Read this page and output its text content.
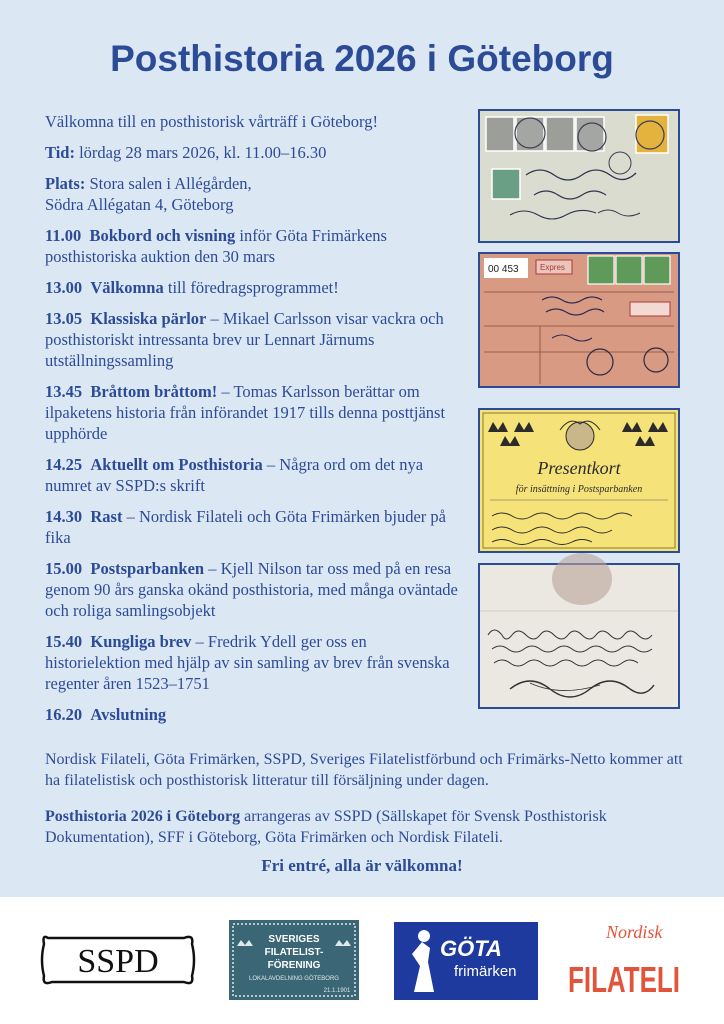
Posthistoria 2026 i Göteborg

Välkomna till en posthistorisk vårträff i Göteborg!

Tid: lördag 28 mars 2026, kl. 11.00–16.30

Plats: Stora salen i Allégården,
Södra Allégatan 4, Göteborg

11.00 Bokbord och visning inför Göta Frimärkens posthistoriska auktion den 30 mars

13.00 Välkomna till föredragsprogrammet!

13.05 Klassiska pärlor – Mikael Carlsson visar vackra och posthistoriskt intressanta brev ur Lennart Järnums utställningssamling

13.45 Bråttom bråttom! – Tomas Karlsson berättar om ilpaketens historia från införandet 1917 tills denna posttjänst upphörde

14.25 Aktuellt om Posthistoria – Några ord om det nya numret av SSPD:s skrift

14.30 Rast – Nordisk Filateli och Göta Frimärken bjuder på fika

15.00 Postsparbanken – Kjell Nilson tar oss med på en resa genom 90 års ganska okänd posthistoria, med många oväntade och roliga samlingsobjekt

15.40 Kungliga brev – Fredrik Ydell ger oss en historielektion med hjälp av sin samling av brev från svenska regenter åren 1523–1751

16.20 Avslutning

00 453	Expres
Presentkort
för insättning i Postsparbanken

Nordisk Filateli, Göta Frimärken, SSPD, Sveriges Filatelistförbund och Frimärks-Netto kommer att ha filatelistisk och posthistorisk litteratur till försäljning under dagen.

Posthistoria 2026 i Göteborg arrangeras av SSPD (Sällskapet för Svensk Posthistorisk Dokumentation), SFF i Göteborg, Göta Frimärken och Nordisk Filateli.

Fri entré, alla är välkomna!

SSPD
SVERIGES
FILATELIST-
FÖRENING
LOKALAVDELNING GÖTEBORG
21.1.1901
GÖTA
frimärken
Nordisk
FILATELI
